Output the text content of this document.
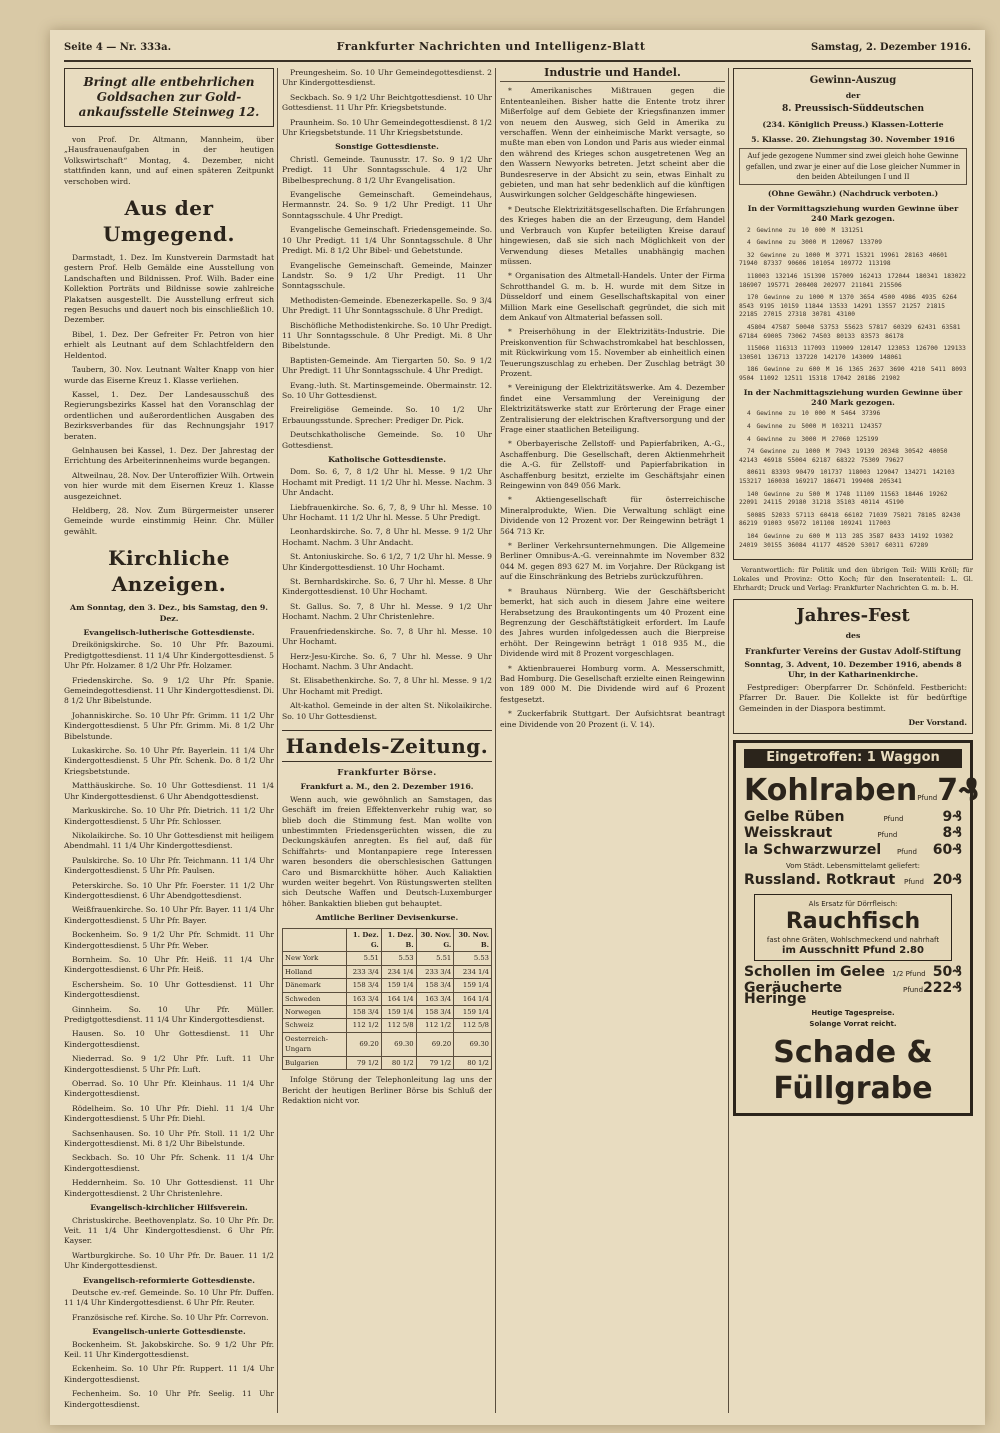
Seite 4 — Nr. 333a.	Frankfurter Nachrichten und Intelligenz-Blatt	Samstag, 2. Dezember 1916.
Bringt alle entbehrlichen Goldsachen zur Gold-ankaufsstelle Steinweg 12.
von Prof. Dr. Altmann, Mannheim, über „Hausfrauenaufgaben in der heutigen Volkswirtschaft“ Montag, 4. Dezember, nicht stattfinden kann, und auf einen späteren Zeitpunkt verschoben wird.
Aus der Umgegend.
Darmstadt, 1. Dez. Im Kunstverein Darmstadt hat gestern Prof. Helb Gemälde eine Ausstellung von Landschaften und Bildnissen. Prof. Wilh. Bader eine Kollektion Porträts und Bildnisse sowie zahlreiche Plakatsen ausgestellt. Die Ausstellung erfreut sich regen Besuchs und dauert noch bis einschließlich 10. Dezember.
Bibel, 1. Dez. Der Gefreiter Fr. Petron von hier erhielt als Leutnant auf dem Schlachtfeldern den Heldentod.
Taubern, 30. Nov. Leutnant Walter Knapp von hier wurde das Eiserne Kreuz 1. Klasse verliehen.
Kassel, 1. Dez. Der Landesausschuß des Regierungsbezirks Kassel hat den Voranschlag der ordentlichen und außerordentlichen Ausgaben des Bezirksverbandes für das Rechnungsjahr 1917 beraten.
Gelnhausen bei Kassel, 1. Dez. Der Jahrestag der Errichtung des Arbeiterinnenheims wurde begangen.
Altweilnau, 28. Nov. Der Unteroffizier Wilh. Ortwein von hier wurde mit dem Eisernen Kreuz 1. Klasse ausgezeichnet.
Heldberg, 28. Nov. Zum Bürgermeister unserer Gemeinde wurde einstimmig Heinr. Chr. Müller gewählt.
Kirchliche Anzeigen.
Am Sonntag, den 3. Dez., bis Samstag, den 9. Dez.
Evangelisch-lutherische Gottesdienste.
Dreikönigskirche. So. 10 Uhr Pfr. Bazoumi. Predigtgottesdienst. 11 1/4 Uhr Kindergottesdienst. 5 Uhr Pfr. Holzamer. 8 1/2 Uhr Pfr. Holzamer.
Friedenskirche. So. 9 1/2 Uhr Pfr. Spanie. Gemeindegottesdienst. 11 Uhr Kindergottesdienst. Di. 8 1/2 Uhr Bibelstunde.
Johanniskirche. So. 10 Uhr Pfr. Grimm. 11 1/2 Uhr Kindergottesdienst. 5 Uhr Pfr. Grimm. Mi. 8 1/2 Uhr Bibelstunde.
Lukaskirche. So. 10 Uhr Pfr. Bayerlein. 11 1/4 Uhr Kindergottesdienst. 5 Uhr Pfr. Schenk. Do. 8 1/2 Uhr Kriegsbetstunde.
Matthäuskirche. So. 10 Uhr Gottesdienst. 11 1/4 Uhr Kindergottesdienst. 6 Uhr Abendgottesdienst.
Markuskirche. So. 10 Uhr Pfr. Dietrich. 11 1/2 Uhr Kindergottesdienst. 5 Uhr Pfr. Schlosser.
Nikolaikirche. So. 10 Uhr Gottesdienst mit heiligem Abendmahl. 11 1/4 Uhr Kindergottesdienst.
Paulskirche. So. 10 Uhr Pfr. Teichmann. 11 1/4 Uhr Kindergottesdienst. 5 Uhr Pfr. Paulsen.
Peterskirche. So. 10 Uhr Pfr. Foerster. 11 1/2 Uhr Kindergottesdienst. 6 Uhr Abendgottesdienst.
Weißfrauenkirche. So. 10 Uhr Pfr. Bayer. 11 1/4 Uhr Kindergottesdienst. 5 Uhr Pfr. Bayer.
Bockenheim. So. 9 1/2 Uhr Pfr. Schmidt. 11 Uhr Kindergottesdienst. 5 Uhr Pfr. Weber.
Bornheim. So. 10 Uhr Pfr. Heiß. 11 1/4 Uhr Kindergottesdienst. 6 Uhr Pfr. Heiß.
Eschersheim. So. 10 Uhr Gottesdienst. 11 Uhr Kindergottesdienst.
Ginnheim. So. 10 Uhr Pfr. Müller. Predigtgottesdienst. 11 1/4 Uhr Kindergottesdienst.
Hausen. So. 10 Uhr Gottesdienst. 11 Uhr Kindergottesdienst.
Niederrad. So. 9 1/2 Uhr Pfr. Luft. 11 Uhr Kindergottesdienst. 5 Uhr Pfr. Luft.
Oberrad. So. 10 Uhr Pfr. Kleinhaus. 11 1/4 Uhr Kindergottesdienst.
Rödelheim. So. 10 Uhr Pfr. Diehl. 11 1/4 Uhr Kindergottesdienst. 5 Uhr Pfr. Diehl.
Sachsenhausen. So. 10 Uhr Pfr. Stoll. 11 1/2 Uhr Kindergottesdienst. Mi. 8 1/2 Uhr Bibelstunde.
Seckbach. So. 10 Uhr Pfr. Schenk. 11 1/4 Uhr Kindergottesdienst.
Heddernheim. So. 10 Uhr Gottesdienst. 11 Uhr Kindergottesdienst. 2 Uhr Christenlehre.
Evangelisch-kirchlicher Hilfsverein.
Christuskirche. Beethovenplatz. So. 10 Uhr Pfr. Dr. Veit. 11 1/4 Uhr Kindergottesdienst. 6 Uhr Pfr. Kayser.
Wartburgkirche. So. 10 Uhr Pfr. Dr. Bauer. 11 1/2 Uhr Kindergottesdienst.
Evangelisch-reformierte Gottesdienste.
Deutsche ev.-ref. Gemeinde. So. 10 Uhr Pfr. Duffen. 11 1/4 Uhr Kindergottesdienst. 6 Uhr Pfr. Reuter.
Französische ref. Kirche. So. 10 Uhr Pfr. Correvon.
Evangelisch-unierte Gottesdienste.
Bockenheim. St. Jakobskirche. So. 9 1/2 Uhr Pfr. Keil. 11 Uhr Kindergottesdienst.
Eckenheim. So. 10 Uhr Pfr. Ruppert. 11 1/4 Uhr Kindergottesdienst.
Fechenheim. So. 10 Uhr Pfr. Seelig. 11 Uhr Kindergottesdienst.
Preungesheim. So. 10 Uhr Gemeindegottesdienst. 2 Uhr Kindergottesdienst.
Seckbach. So. 9 1/2 Uhr Beichtgottesdienst. 10 Uhr Gottesdienst. 11 Uhr Pfr. Kriegsbetstunde.
Praunheim. So. 10 Uhr Gemeindegottesdienst. 8 1/2 Uhr Kriegsbetstunde. 11 Uhr Kriegsbetstunde.
Sonstige Gottesdienste.
Christl. Gemeinde. Taunusstr. 17. So. 9 1/2 Uhr Predigt. 11 Uhr Sonntagsschule. 4 1/2 Uhr Bibelbesprechung. 8 1/2 Uhr Evangelisation.
Evangelische Gemeinschaft. Gemeindehaus, Hermannstr. 24. So. 9 1/2 Uhr Predigt. 11 Uhr Sonntagsschule. 4 Uhr Predigt.
Evangelische Gemeinschaft. Friedensgemeinde. So. 10 Uhr Predigt. 11 1/4 Uhr Sonntagsschule. 8 Uhr Predigt. Mi. 8 1/2 Uhr Bibel- und Gebetstunde.
Evangelische Gemeinschaft. Gemeinde, Mainzer Landstr. So. 9 1/2 Uhr Predigt. 11 Uhr Sonntagsschule.
Methodisten-Gemeinde. Ebenezerkapelle. So. 9 3/4 Uhr Predigt. 11 Uhr Sonntagsschule. 8 Uhr Predigt.
Bischöfliche Methodistenkirche. So. 10 Uhr Predigt. 11 Uhr Sonntagsschule. 8 Uhr Predigt. Mi. 8 Uhr Bibelstunde.
Baptisten-Gemeinde. Am Tiergarten 50. So. 9 1/2 Uhr Predigt. 11 Uhr Sonntagsschule. 4 Uhr Predigt.
Evang.-luth. St. Martinsgemeinde. Obermainstr. 12. So. 10 Uhr Gottesdienst.
Freireligiöse Gemeinde. So. 10 1/2 Uhr Erbauungsstunde. Sprecher: Prediger Dr. Pick.
Deutschkatholische Gemeinde. So. 10 Uhr Gottesdienst.
Katholische Gottesdienste.
Dom. So. 6, 7, 8 1/2 Uhr hl. Messe. 9 1/2 Uhr Hochamt mit Predigt. 11 1/2 Uhr hl. Messe. Nachm. 3 Uhr Andacht.
Liebfrauenkirche. So. 6, 7, 8, 9 Uhr hl. Messe. 10 Uhr Hochamt. 11 1/2 Uhr hl. Messe. 5 Uhr Predigt.
Leonhardskirche. So. 7, 8 Uhr hl. Messe. 9 1/2 Uhr Hochamt. Nachm. 3 Uhr Andacht.
St. Antoniuskirche. So. 6 1/2, 7 1/2 Uhr hl. Messe. 9 Uhr Kindergottesdienst. 10 Uhr Hochamt.
St. Bernhardskirche. So. 6, 7 Uhr hl. Messe. 8 Uhr Kindergottesdienst. 10 Uhr Hochamt.
St. Gallus. So. 7, 8 Uhr hl. Messe. 9 1/2 Uhr Hochamt. Nachm. 2 Uhr Christenlehre.
Frauenfriedenskirche. So. 7, 8 Uhr hl. Messe. 10 Uhr Hochamt.
Herz-Jesu-Kirche. So. 6, 7 Uhr hl. Messe. 9 Uhr Hochamt. Nachm. 3 Uhr Andacht.
St. Elisabethenkirche. So. 7, 8 Uhr hl. Messe. 9 1/2 Uhr Hochamt mit Predigt.
Alt-kathol. Gemeinde in der alten St. Nikolaikirche. So. 10 Uhr Gottesdienst.
Handels-Zeitung.
Frankfurter Börse.
Frankfurt a. M., den 2. Dezember 1916.
Wenn auch, wie gewöhnlich an Samstagen, das Geschäft im freien Effektenverkehr ruhig war, so blieb doch die Stimmung fest. Man wollte von unbestimmten Friedensgerüchten wissen, die zu Deckungskäufen anregten. Es fiel auf, daß für Schiffahrts- und Montanpapiere rege Interessen waren besonders die oberschlesischen Gattungen Caro und Bismarckhütte höher. Auch Kaliaktien wurden weiter begehrt. Von Rüstungswerten stellten sich Deutsche Waffen und Deutsch-Luxemburger höher. Bankaktien blieben gut behauptet.
Amtliche Berliner Devisenkurse.
	1. Dez. G.	1. Dez. B.	30. Nov. G.	30. Nov. B.
New York	5.51	5.53	5.51	5.53
Holland	233 3/4	234 1/4	233 3/4	234 1/4
Dänemark	158 3/4	159 1/4	158 3/4	159 1/4
Schweden	163 3/4	164 1/4	163 3/4	164 1/4
Norwegen	158 3/4	159 1/4	158 3/4	159 1/4
Schweiz	112 1/2	112 5/8	112 1/2	112 5/8
Oesterreich-Ungarn	69.20	69.30	69.20	69.30
Bulgarien	79 1/2	80 1/2	79 1/2	80 1/2
Infolge Störung der Telephonleitung lag uns der Bericht der heutigen Berliner Börse bis Schluß der Redaktion nicht vor.
Industrie und Handel.
* Amerikanisches Mißtrauen gegen die Ententeanleihen. Bisher hatte die Entente trotz ihrer Mißerfolge auf dem Gebiete der Kriegsfinanzen immer von neuem den Ausweg, sich Geld in Amerika zu verschaffen. Wenn der einheimische Markt versagte, so mußte man eben von London und Paris aus wieder einmal den während des Krieges schon ausgetretenen Weg an den Wassern Newyorks betreten. Jetzt scheint aber die Bundesreserve in der Absicht zu sein, etwas Einhalt zu gebieten, und man hat sehr bedenklich auf die künftigen Auswirkungen solcher Geldgeschäfte hingewiesen.
* Deutsche Elektrizitätsgesellschaften. Die Erfahrungen des Krieges haben die an der Erzeugung, dem Handel und Verbrauch von Kupfer beteiligten Kreise darauf hingewiesen, daß sie sich nach Möglichkeit von der Verwendung dieses Metalles unabhängig machen müssen.
* Organisation des Altmetall-Handels. Unter der Firma Schrotthandel G. m. b. H. wurde mit dem Sitze in Düsseldorf und einem Gesellschaftskapital von einer Million Mark eine Gesellschaft gegründet, die sich mit dem Ankauf von Altmaterial befassen soll.
* Preiserhöhung in der Elektrizitäts-Industrie. Die Preiskonvention für Schwachstromkabel hat beschlossen, mit Rückwirkung vom 15. November ab einheitlich einen Teuerungszuschlag zu erheben. Der Zuschlag beträgt 30 Prozent.
* Vereinigung der Elektrizitätswerke. Am 4. Dezember findet eine Versammlung der Vereinigung der Elektrizitätswerke statt zur Erörterung der Frage einer Zentralisierung der elektrischen Kraftversorgung und der Frage einer staatlichen Beteiligung.
* Oberbayerische Zellstoff- und Papierfabriken, A.-G., Aschaffenburg. Die Gesellschaft, deren Aktienmehrheit die A.-G. für Zellstoff- und Papierfabrikation in Aschaffenburg besitzt, erzielte im Geschäftsjahr einen Reingewinn von 849 056 Mark.
* Aktiengesellschaft für österreichische Mineralprodukte, Wien. Die Verwaltung schlägt eine Dividende von 12 Prozent vor. Der Reingewinn beträgt 1 564 713 Kr.
* Berliner Verkehrsunternehmungen. Die Allgemeine Berliner Omnibus-A.-G. vereinnahmte im November 832 044 M. gegen 893 627 M. im Vorjahre. Der Rückgang ist auf die Einschränkung des Betriebs zurückzuführen.
* Brauhaus Nürnberg. Wie der Geschäftsbericht bemerkt, hat sich auch in diesem Jahre eine weitere Herabsetzung des Braukontingents um 40 Prozent eine Begrenzung der Geschäftstätigkeit erfordert. Im Laufe des Jahres wurden infolgedessen auch die Bierpreise erhöht. Der Reingewinn beträgt 1 018 935 M., die Dividende wird mit 8 Prozent vorgeschlagen.
* Aktienbrauerei Homburg vorm. A. Messerschmitt, Bad Homburg. Die Gesellschaft erzielte einen Reingewinn von 189 000 M. Die Dividende wird auf 6 Prozent festgesetzt.
* Zuckerfabrik Stuttgart. Der Aufsichtsrat beantragt eine Dividende von 20 Prozent (i. V. 14).
Gewinn-Auszug
der
8. Preussisch-Süddeutschen
(234. Königlich Preuss.) Klassen-Lotterie
5. Klasse. 20. Ziehungstag 30. November 1916
Auf jede gezogene Nummer sind zwei gleich hohe Gewinne gefallen, und zwar je einer auf die Lose gleicher Nummer in den beiden Abteilungen I und II
(Ohne Gewähr.) (Nachdruck verboten.)
In der Vormittagsziehung wurden Gewinne über 240 Mark gezogen.
2 Gewinne zu 10 000 M 131251
4 Gewinne zu 3000 M 120967 133709
32 Gewinne zu 1000 M 3771 15321 19961 28163 40601 71940 87337 90606 101054 109772 113198
118003 132146 151390 157009 162413 172044 180341 183022 186907 195771 200408 202977 211041 215506
170 Gewinne zu 1000 M 1370 3654 4500 4986 4935 6264 8543 9195 10159 11844 13533 14291 13557 21257 21815 22185 27015 27318 30781 43100
45804 47587 50040 53753 55623 57817 60329 62431 63581 67184 69005 73062 74503 80133 83573 86178
115060 116313 117093 119009 120147 123053 126700 129133 130501 136713 137220 142170 143009 148061
186 Gewinne zu 600 M 16 1365 2637 3690 4210 5411 8093 9504 11092 12511 15318 17042 20186 21902
In der Nachmittagsziehung wurden Gewinne über 240 Mark gezogen.
4 Gewinne zu 10 000 M 5464 37396
4 Gewinne zu 5000 M 103211 124357
4 Gewinne zu 3000 M 27060 125199
74 Gewinne zu 1000 M 7943 19139 20348 30542 40050 42143 46918 55004 62187 68322 75309 79627
80611 83393 90479 101737 118003 129047 134271 142103 153217 160038 169217 186471 199408 205341
140 Gewinne zu 500 M 1748 11109 11563 18446 19262 22091 24115 29180 31218 35103 40114 45190
50085 52033 57113 60418 66102 71039 75021 78105 82430 86219 91003 95072 101108 109241 117003
104 Gewinne zu 600 M 113 285 3587 8433 14192 19302 24019 30155 36084 41177 48520 53017 60311 67289
Verantwortlich: für Politik und den übrigen Teil: Willi Kröll; für Lokales und Provinz: Otto Koch; für den Inseratenteil: L. Gl. Ehrhardt; Druck und Verlag: Frankfurter Nachrichten G. m. b. H.
Jahres-Fest
des
Frankfurter Vereins der Gustav Adolf-Stiftung
Sonntag, 3. Advent, 10. Dezember 1916, abends 8 Uhr, in der Katharinenkirche.
Festprediger: Oberpfarrer Dr. Schönfeld. Festbericht: Pfarrer Dr. Bauer. Die Kollekte ist für bedürftige Gemeinden in der Diaspora bestimmt.
Der Vorstand.
Eingetroffen: 1 Waggon
Kohlraben Pfund 7₰
Gelbe Rüben	Pfund	9₰
Weisskraut	Pfund	8₰
la Schwarzwurzel Pfund 60₰
Vom Städt. Lebensmittelamt geliefert:
Russland. Rotkraut Pfund 20₰
Als Ersatz für Dörrfleisch:
Rauchfisch
fast ohne Gräten, Wohlschmeckend und nahrhaft
im Ausschnitt Pfund 2.80
Schollen im Gelee 1/2 Pfund 50₰
Geräucherte Heringe
Pfund 222₰
Heutige Tagespreise.
Solange Vorrat reicht.
Schade & Füllgrabe
